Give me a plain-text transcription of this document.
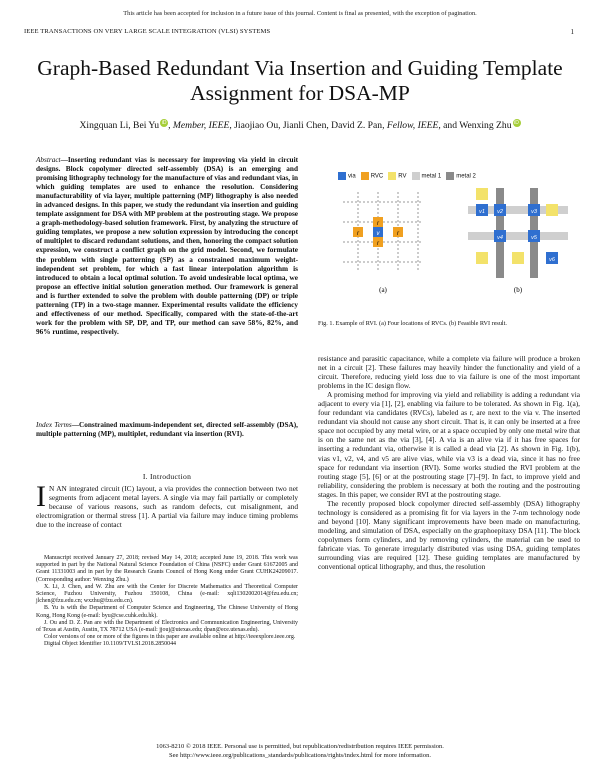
This article has been accepted for inclusion in a future issue of this journal. Content is final as presented, with the exception of pagination.
IEEE TRANSACTIONS ON VERY LARGE SCALE INTEGRATION (VLSI) SYSTEMS	1
Graph-Based Redundant Via Insertion and Guiding Template Assignment for DSA-MP
Xingquan Li, Bei Yu iD , Member, IEEE, Jiaojiao Ou, Jianli Chen, David Z. Pan, Fellow, IEEE, and Wenxing Zhu iD
Abstract—Inserting redundant vias is necessary for improving via yield in circuit designs. Block copolymer directed self-assembly (DSA) is an emerging and promising lithography technology for the manufacture of vias and redundant vias, in which guiding templates are used to enhance the resolution. Considering manufacturability of via layer, multiple patterning (MP) lithography is also needed in advanced designs. In this paper, we study the redundant via insertion and guiding template assignment for DSA with MP problem at the postrouting stage. We propose a graph-methodology-based solution framework. First, by analyzing the structure of guiding templates, we propose a new solution expression by introducing the concept of multiplet to discard redundant solutions, and then, honoring the compact solution expression, we construct a conflict graph on the grid model. Second, we formulate the problem with single patterning (SP) as a constrained maximum weight-independent set problem, for which a fast linear interpolation algorithm is introduced to obtain a local optimal solution. To avoid undesirable local optima, we propose an effective initial solution generation method. Our framework is general and is further extended to solve the problem with double patterning (DP) or triple patterning (TP) in a two-stage manner. Experimental results validate the efficiency and effectiveness of our method. Specifically, compared with the state-of-the-art work for the problem with SP, DP, and TP, our method can save 58%, 82%, and 96% runtime, respectively.
Index Terms—Constrained maximum-independent set, directed self-assembly (DSA), multiple patterning (MP), multiplet, redundant via insertion (RVI).
I. Introduction
I N AN integrated circuit (IC) layout, a via provides the connection between two net segments from adjacent metal layers. A single via may fail partially or completely because of various reasons, such as random defects, cut misalignment, and electromigration or thermal stress [1]. A partial via failure may induce timing problems due to the increase of contact

Manuscript received January 27, 2018; revised May 14, 2018; accepted June 19, 2018. This work was supported in part by the National Natural Science Foundation of China (NSFC) under Grant 61672005 and Grant 11331003 and in part by the Research Grants Council of Hong Kong under Grant CUHK24209017. (Corresponding author: Wenxing Zhu.)

X. Li, J. Chen, and W. Zhu are with the Center for Discrete Mathematics and Theoretical Computer Science, Fuzhou University, Fuzhou 350108, China (e-mail: xqli1302002014@fzu.edu.cn; jlchen@fzu.edu.cn; wxzhu@fzu.edu.cn).

B. Yu is with the Department of Computer Science and Engineering, The Chinese University of Hong Kong, Hong Kong (e-mail: byu@cse.cuhk.edu.hk).

J. Ou and D. Z. Pan are with the Department of Electronics and Communication Engineering, University of Texas at Austin, Austin, TX 78712 USA (e-mail: jjouj@utexas.edu; dpan@ece.utexas.edu).

Color versions of one or more of the figures in this paper are available online at http://ieeexplore.ieee.org.

Digital Object Identifier 10.1109/TVLSI.2018.2850044

via	RVC	RV	metal 1	metal 2
v
r
r
r	r
(a)
v1 v2	v3
v4	v5
v6
(b)
Fig. 1. Example of RVI. (a) Four locations of RVCs. (b) Feasible RVI result.

resistance and parasitic capacitance, while a complete via failure will produce a broken net in a circuit [2]. These failures may heavily hinder the functionality and yield of a circuit. Therefore, reducing yield loss due to via failure is one of the most important problems in the IC design flow.

A promising method for improving via yield and reliability is adding a redundant via adjacent to every via [1], [2], enabling via failure to be tolerated. As shown in Fig. 1(a), four redundant via candidates (RVCs), labeled as r, are next to the via v. The inserted redundant via should not cause any short circuit. That is, it can only be inserted at a free space not occupied by any metal wire, or at a space occupied by only one metal wire that is on the same net as the via [3], [4]. A via is an alive via if it has free spaces for inserting a redundant via, otherwise it is called a dead via [2]. As shown in Fig. 1(b), vias v1, v2, v4, and v5 are alive vias, while via v3 is a dead via, since it has no free space for redundant via insertion (RVI). Some works studied the RVI problem at the routing stage [5], [6] or at the postrouting stage [7]–[9]. In fact, to improve yield and reliability, considering the problem is necessary at both the routing and the postrouting stages. In this paper, we consider RVI at the postrouting stage.

The recently proposed block copolymer directed self-assembly (DSA) lithography technology is considered as a promising fit for via layers in the 7-nm technology node and beyond [10]. Many significant improvements have been made on manufacturing, modeling, and simulation of DSA, especially on the graphoepitaxy DSA [11]. The block copolymers form cylinders, and by removing cylinders, the material can be used to fabricate vias. To generate irregularly distributed vias using DSA, guiding templates surrounding vias are required [12]. These guiding templates are manufactured by conventional optical lithography, and thus, the resolution

1063-8210 © 2018 IEEE. Personal use is permitted, but republication/redistribution requires IEEE permission.
See http://www.ieee.org/publications_standards/publications/rights/index.html for more information.
